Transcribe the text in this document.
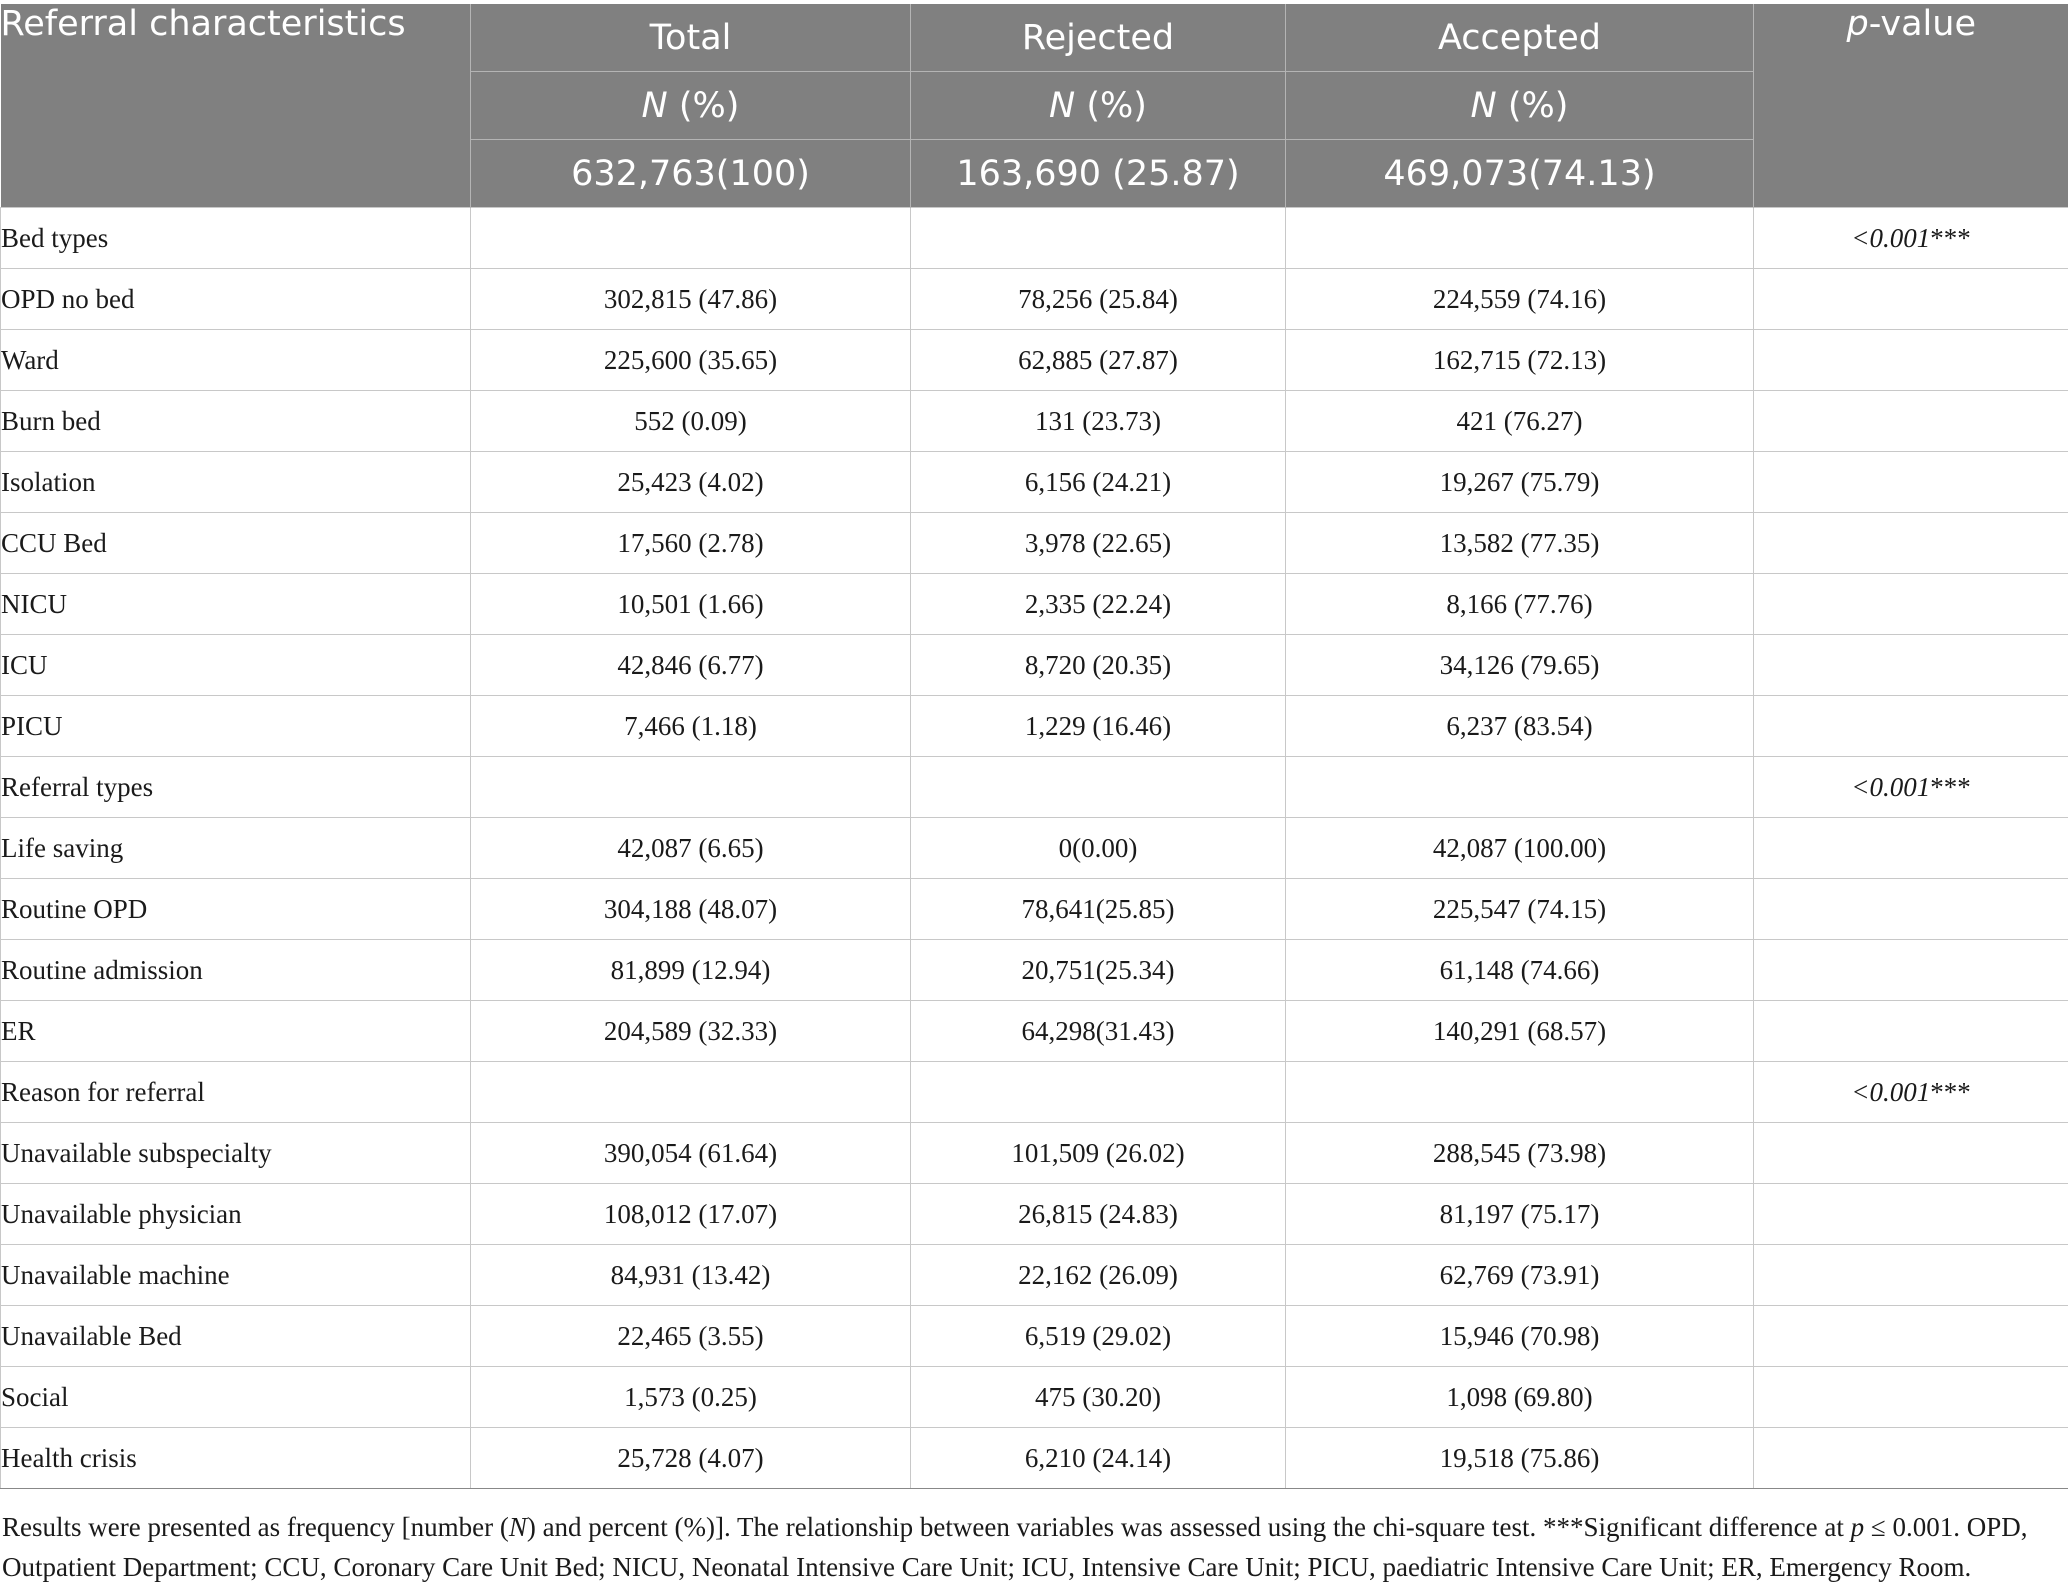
Referral characteristics	Total	Rejected	Accepted	p-value
	N (%)	N (%)	N (%)	
	632,763(100)	163,690 (25.87)	469,073(74.13)	
Bed types				<0.001***
OPD no bed	302,815 (47.86)	78,256 (25.84)	224,559 (74.16)	
Ward	225,600 (35.65)	62,885 (27.87)	162,715 (72.13)	
Burn bed	552 (0.09)	131 (23.73)	421 (76.27)	
Isolation	25,423 (4.02)	6,156 (24.21)	19,267 (75.79)	
CCU Bed	17,560 (2.78)	3,978 (22.65)	13,582 (77.35)	
NICU	10,501 (1.66)	2,335 (22.24)	8,166 (77.76)	
ICU	42,846 (6.77)	8,720 (20.35)	34,126 (79.65)	
PICU	7,466 (1.18)	1,229 (16.46)	6,237 (83.54)	
Referral types				<0.001***
Life saving	42,087 (6.65)	0(0.00)	42,087 (100.00)	
Routine OPD	304,188 (48.07)	78,641(25.85)	225,547 (74.15)	
Routine admission	81,899 (12.94)	20,751(25.34)	61,148 (74.66)	
ER	204,589 (32.33)	64,298(31.43)	140,291 (68.57)	
Reason for referral				<0.001***
Unavailable subspecialty	390,054 (61.64)	101,509 (26.02)	288,545 (73.98)	
Unavailable physician	108,012 (17.07)	26,815 (24.83)	81,197 (75.17)	
Unavailable machine	84,931 (13.42)	22,162 (26.09)	62,769 (73.91)	
Unavailable Bed	22,465 (3.55)	6,519 (29.02)	15,946 (70.98)	
Social	1,573 (0.25)	475 (30.20)	1,098 (69.80)	
Health crisis	25,728 (4.07)	6,210 (24.14)	19,518 (75.86)	
Results were presented as frequency [number (N) and percent (%)]. The relationship between variables was assessed using the chi-square test. ***Significant difference at p ≤ 0.001. OPD, Outpatient Department; CCU, Coronary Care Unit Bed; NICU, Neonatal Intensive Care Unit; ICU, Intensive Care Unit; PICU, paediatric Intensive Care Unit; ER, Emergency Room.
